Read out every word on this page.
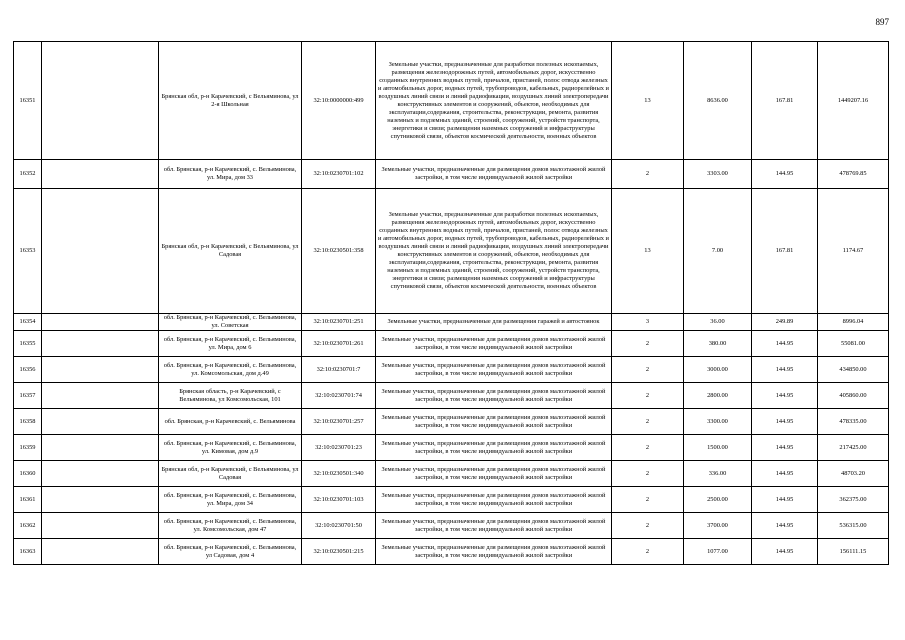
897
16351		Брянская обл, р-н Карачевский, с Вельяминова, ул 2-я Школьная	32:10:0000000:499	Земельные участки, предназначенные для разработки полезных ископаемых, размещения железнодорожных путей, автомобильных дорог, искусственно созданных внутренних водных путей, причалов, пристаней, полос отвода железных и автомобильных дорог, водных путей, трубопроводов, кабельных, радиорелейных и воздушных линий связи и линий радиофикации, воздушных линий электропередачи конструктивных элементов и сооружений, объектов, необходимых для эксплуатации,содержания, строительства, реконструкции, ремонта, развития наземных и подземных зданий, строений, сооружений, устройств транспорта, энергетики и связи; размещения наземных сооружений и инфраструктуры спутниковой связи, объектов космической деятельности, военных объектов	13	8636.00	167.81	1449207.16
16352		обл. Брянская, р-н Карачевский, с. Вельяминова, ул. Мира, дом 33	32:10:0230701:102	Земельные участки, предназначенные для размещения домов малоэтажной жилой застройки, в том числе индивидуальной жилой застройки	2	3303.00	144.95	478769.85
16353		Брянская обл, р-н Карачевский, с Вельяминова, ул Садовая	32:10:0230501:358	Земельные участки, предназначенные для разработки полезных ископаемых, размещения железнодорожных путей, автомобильных дорог, искусственно созданных внутренних водных путей, причалов, пристаней, полос отвода железных и автомобильных дорог, водных путей, трубопроводов, кабельных, радиорелейных и воздушных линий связи и линий радиофикации, воздушных линий электропередачи конструктивных элементов и сооружений, объектов, необходимых для эксплуатации,содержания, строительства, реконструкции, ремонта, развития наземных и подземных зданий, строений, сооружений, устройств транспорта, энергетики и связи; размещения наземных сооружений и инфраструктуры спутниковой связи, объектов космической деятельности, военных объектов	13	7.00	167.81	1174.67
16354		обл. Брянская, р-н Карачевский, с. Вельяминова, ул. Советская	32:10:0230701:251	Земельные участки, предназначенные для размещения гаражей и автостоянок	3	36.00	249.89	8996.04
16355		обл. Брянская, р-н Карачевский, с. Вельяминова, ул. Мира, дом 6	32:10:0230701:261	Земельные участки, предназначенные для размещения домов малоэтажной жилой застройки, в том числе индивидуальной жилой застройки	2	380.00	144.95	55081.00
16356		обл. Брянская, р-н Карачевский, с. Вельяминова, ул. Комсомольская, дом д.49	32:10:0230701:7	Земельные участки, предназначенные для размещения домов малоэтажной жилой застройки, в том числе индивидуальной жилой застройки	2	3000.00	144.95	434850.00
16357		Брянская область, р-н Карачевский, с Вельяминова, ул Комсомольская, 101	32:10:0230701:74	Земельные участки, предназначенные для размещения домов малоэтажной жилой застройки, в том числе индивидуальной жилой застройки	2	2800.00	144.95	405860.00
16358		обл. Брянская, р-н Карачевский, с. Вельяминова	32:10:0230701:257	Земельные участки, предназначенные для размещения домов малоэтажной жилой застройки, в том числе индивидуальной жилой застройки	2	3300.00	144.95	478335.00
16359		обл. Брянская, р-н Карачевский, с. Вельяминова, ул. Кимовая, дом д.9	32:10:0230701:23	Земельные участки, предназначенные для размещения домов малоэтажной жилой застройки, в том числе индивидуальной жилой застройки	2	1500.00	144.95	217425.00
16360		Брянская обл, р-н Карачевский, с Вельяминова, ул Садовая	32:10:0230501:340	Земельные участки, предназначенные для размещения домов малоэтажной жилой застройки, в том числе индивидуальной жилой застройки	2	336.00	144.95	48703.20
16361		обл. Брянская, р-н Карачевский, с. Вельяминова, ул. Мира, дом 34	32:10:0230701:103	Земельные участки, предназначенные для размещения домов малоэтажной жилой застройки, в том числе индивидуальной жилой застройки	2	2500.00	144.95	362375.00
16362		обл. Брянская, р-н Карачевский, с. Вельяминова, ул. Комсомольская, дом 47	32:10:0230701:50	Земельные участки, предназначенные для размещения домов малоэтажной жилой застройки, в том числе индивидуальной жилой застройки	2	3700.00	144.95	536315.00
16363		обл. Брянская, р-н Карачевский, с. Вельяминова, ул Садовая, дом 4	32:10:0230501:215	Земельные участки, предназначенные для размещения домов малоэтажной жилой застройки, в том числе индивидуальной жилой застройки	2	1077.00	144.95	156111.15
